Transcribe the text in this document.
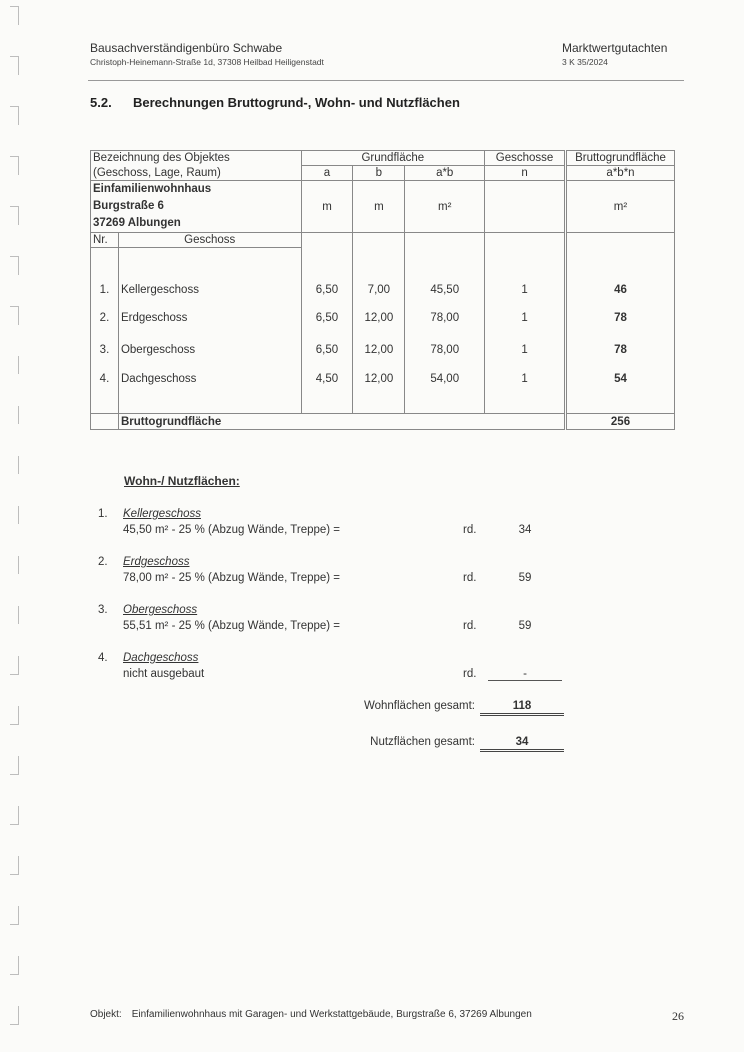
Bausachverständigenbüro Schwabe
Christoph-Heinemann-Straße 1d, 37308 Heilbad Heiligenstadt
Marktwertgutachten
3 K 35/2024
5.2. Berechnungen Bruttogrund-, Wohn- und Nutzflächen
Bezeichnung des Objektes		Grundfläche			Geschosse	Bruttogrundfläche
(Geschoss, Lage, Raum)		a	b	a*b	n	a*b*n

Einfamilienwohnhaus
Burgstraße 6
37269 Albungen		m	m	m²		m²
Nr.	Geschoss					
1.	Kellergeschoss	6,50	7,00	45,50	1	46
2.	Erdgeschoss	6,50	12,00	78,00	1	78
3.	Obergeschoss	6,50	12,00	78,00	1	78
4.	Dachgeschoss	4,50	12,00	54,00	1	54
	Bruttogrundfläche					256
Wohn-/ Nutzflächen:
1. Kellergeschoss
45,50 m² - 25 % (Abzug Wände, Treppe) =	rd.	34
2. Erdgeschoss
78,00 m² - 25 % (Abzug Wände, Treppe) =	rd.	59
3. Obergeschoss
55,51 m² - 25 % (Abzug Wände, Treppe) =	rd.	59
4. Dachgeschoss
nicht ausgebaut	rd.	-
Wohnflächen gesamt:	118
Nutzflächen gesamt:	34
Objekt: Einfamilienwohnhaus mit Garagen- und Werkstattgebäude, Burgstraße 6, 37269 Albungen	26
